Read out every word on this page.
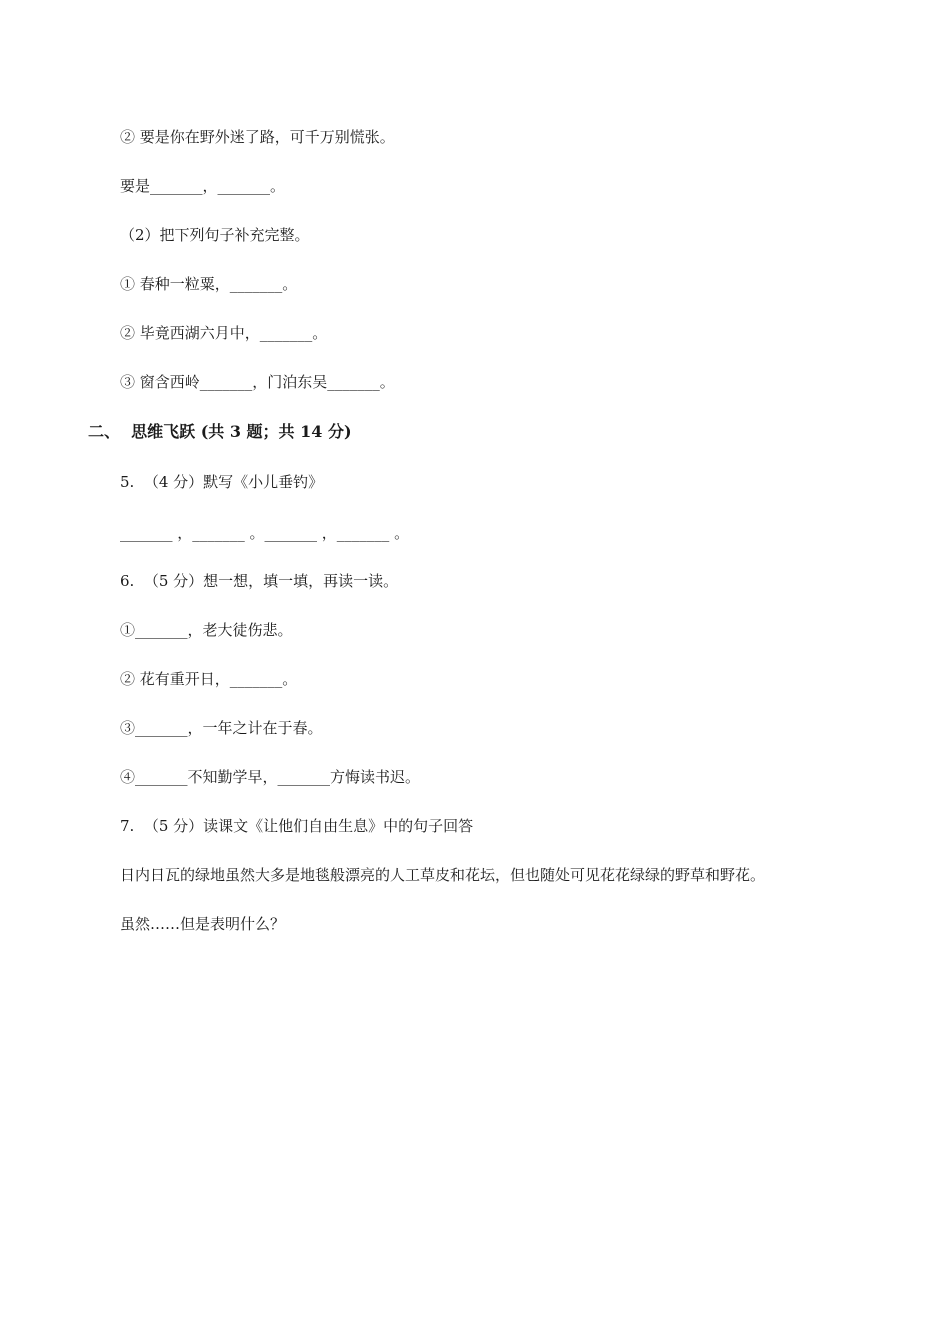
② 要是你在野外迷了路，可千万别慌张。
要是_______，_______。
（2）把下列句子补充完整。
① 春种一粒粟，_______。
② 毕竟西湖六月中，_______。
③ 窗含西岭_______，门泊东吴_______。
二、  思维飞跃 (共 3 题；共 14 分)
5.  （4 分）默写《小儿垂钓》
_______ ，_______ 。_______ ，_______ 。
6.  （5 分）想一想，填一填，再读一读。
①_______，老大徒伤悲。
② 花有重开日，_______。
③_______，一年之计在于春。
④_______不知勤学早，_______方悔读书迟。
7.  （5 分）读课文《让他们自由生息》中的句子回答
日内日瓦的绿地虽然大多是地毯般漂亮的人工草皮和花坛，但也随处可见花花绿绿的野草和野花。
虽然……但是表明什么？
